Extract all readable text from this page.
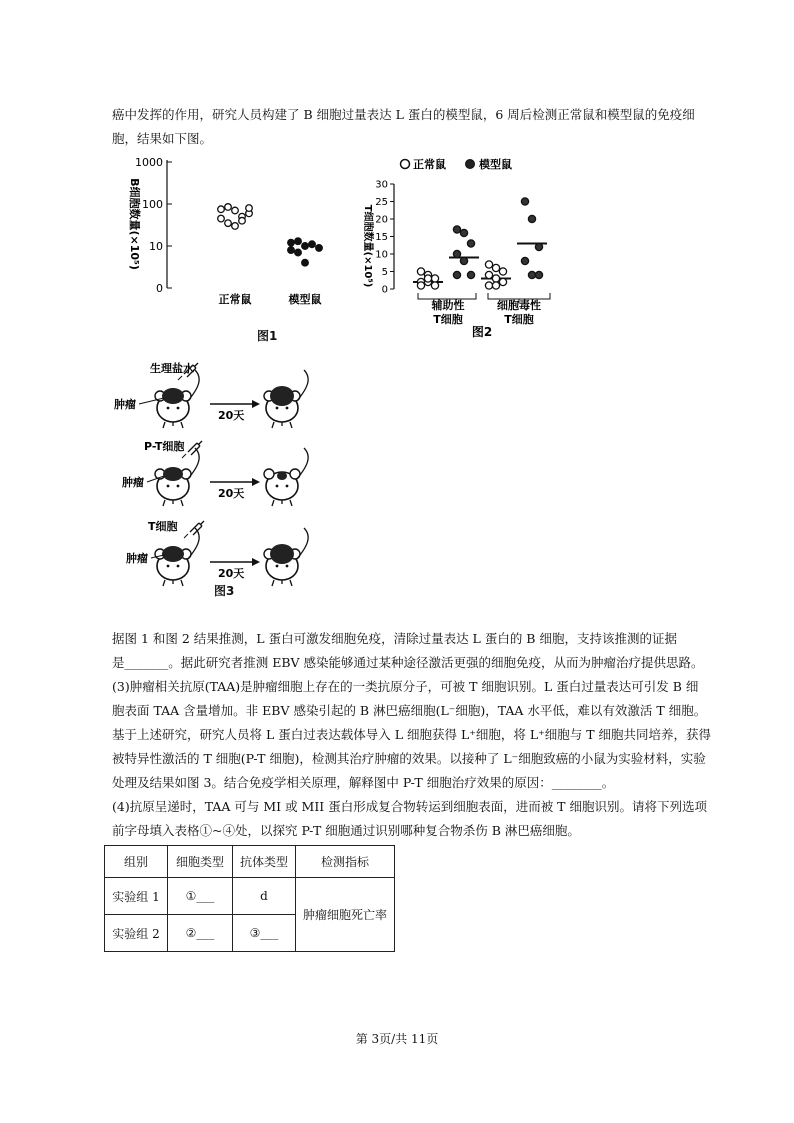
癌中发挥的作用，研究人员构建了 B 细胞过量表达 L 蛋白的模型鼠，6 周后检测正常鼠和模型鼠的免疫细
胞，结果如下图。
B细胞数量(×10⁵)
1000
100
10
0
正常鼠	模型鼠
图1
正常鼠	模型鼠
T细胞数量(×10⁵)
30
25
20
15
10
5
0
辅助性
T细胞
细胞毒性
T细胞
图2
生理盐水
肿瘤
20天
P-T细胞
肿瘤
20天
T细胞
肿瘤
20天
图3
据图 1 和图 2 结果推测，L 蛋白可激发细胞免疫，清除过量表达 L 蛋白的 B 细胞，支持该推测的证据
是_______。据此研究者推测 EBV 感染能够通过某种途径激活更强的细胞免疫，从而为肿瘤治疗提供思路。
(3)肿瘤相关抗原(TAA)是肿瘤细胞上存在的一类抗原分子，可被 T 细胞识别。L 蛋白过量表达可引发 B 细
胞表面 TAA 含量增加。非 EBV 感染引起的 B 淋巴癌细胞(L⁻细胞)，TAA 水平低，难以有效激活 T 细胞。
基于上述研究，研究人员将 L 蛋白过表达载体导入 L 细胞获得 L⁺细胞，将 L⁺细胞与 T 细胞共同培养，获得
被特异性激活的 T 细胞(P-T 细胞)，检测其治疗肿瘤的效果。以接种了 L⁻细胞致癌的小鼠为实验材料，实验
处理及结果如图 3。结合免疫学相关原理，解释图中 P-T 细胞治疗效果的原因：________。
(4)抗原呈递时，TAA 可与 MI 或 MII 蛋白形成复合物转运到细胞表面，进而被 T 细胞识别。请将下列选项
前字母填入表格①~④处，以探究 P-T 细胞通过识别哪种复合物杀伤 B 淋巴癌细胞。
组别	细胞类型	抗体类型	检测指标
实验组 1	①___	d	肿瘤细胞死亡率
实验组 2	②___	③___	
第 3页/共 11页
